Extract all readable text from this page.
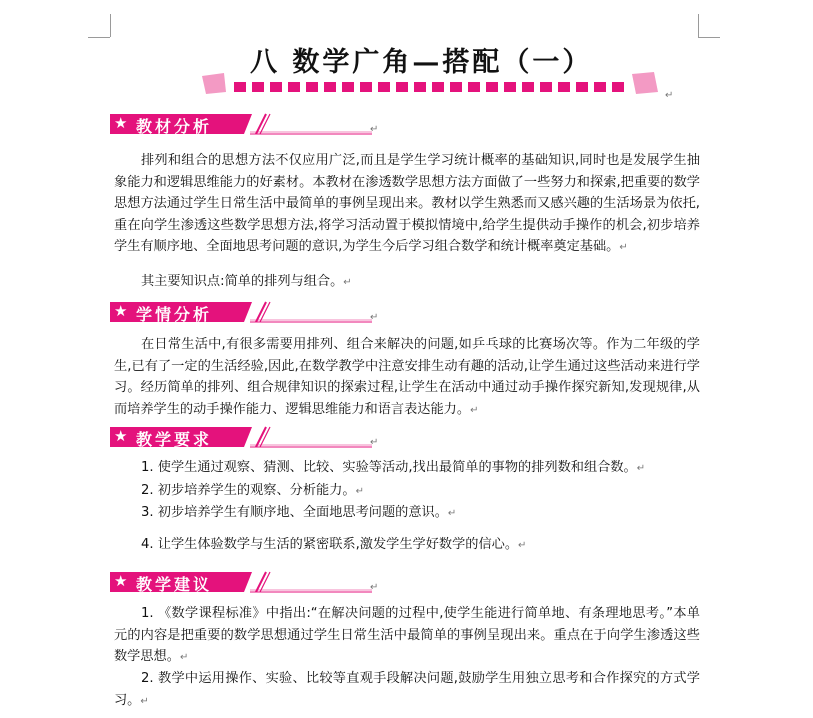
八 数学广角—搭配（一）
↵
★ 教材分析	↵
排列和组合的思想方法不仅应用广泛,而且是学生学习统计概率的基础知识,同时也是发展学生抽象能力和逻辑思维能力的好素材。本教材在渗透数学思想方法方面做了一些努力和探索,把重要的数学思想方法通过学生日常生活中最简单的事例呈现出来。教材以学生熟悉而又感兴趣的生活场景为依托,重在向学生渗透这些数学思想方法,将学习活动置于模拟情境中,给学生提供动手操作的机会,初步培养学生有顺序地、全面地思考问题的意识,为学生今后学习组合数学和统计概率奠定基础。↵
其主要知识点:简单的排列与组合。↵
★ 学情分析	↵
在日常生活中,有很多需要用排列、组合来解决的问题,如乒乓球的比赛场次等。作为二年级的学生,已有了一定的生活经验,因此,在数学教学中注意安排生动有趣的活动,让学生通过这些活动来进行学习。经历简单的排列、组合规律知识的探索过程,让学生在活动中通过动手操作探究新知,发现规律,从而培养学生的动手操作能力、逻辑思维能力和语言表达能力。↵
★ 教学要求	↵
1. 使学生通过观察、猜测、比较、实验等活动,找出最简单的事物的排列数和组合数。↵
2. 初步培养学生的观察、分析能力。↵
3. 初步培养学生有顺序地、全面地思考问题的意识。↵
4. 让学生体验数学与生活的紧密联系,激发学生学好数学的信心。↵
★ 教学建议	↵
1. 《数学课程标准》中指出:“在解决问题的过程中,使学生能进行简单地、有条理地思考。”本单元的内容是把重要的数学思想通过学生日常生活中最简单的事例呈现出来。重点在于向学生渗透这些数学思想。↵
2. 教学中运用操作、实验、比较等直观手段解决问题,鼓励学生用独立思考和合作探究的方式学习。↵
